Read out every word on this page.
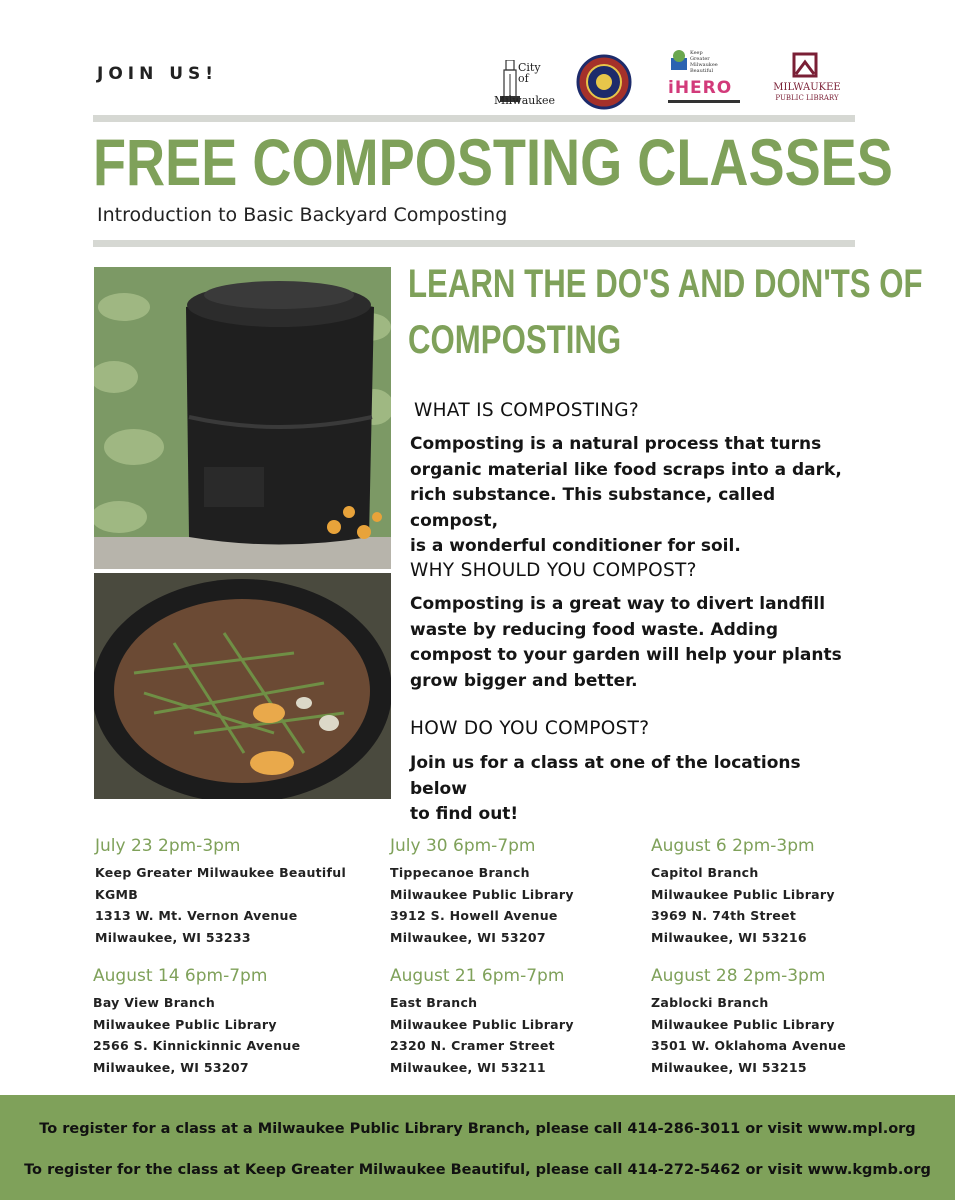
JOIN US!	City
of
Milwaukee
Keep
Greater
Milwaukee
Beautiful
iHERO	MILWAUKEE
PUBLIC LIBRARY
FREE COMPOSTING CLASSES
Introduction to Basic Backyard Composting
LEARN THE DO'S AND DON'TS OF
COMPOSTING
WHAT IS COMPOSTING?
Composting is a natural process that turns
organic material like food scraps into a dark,
rich substance. This substance, called compost,
is a wonderful conditioner for soil.
WHY SHOULD YOU COMPOST?
Composting is a great way to divert landfill
waste by reducing food waste. Adding
compost to your garden will help your plants
grow bigger and better.
HOW DO YOU COMPOST?
Join us for a class at one of the locations below
to find out!
July 23 2pm-3pm
Keep Greater Milwaukee Beautiful
KGMB
1313 W. Mt. Vernon Avenue
Milwaukee, WI 53233
July 30 6pm-7pm
Tippecanoe Branch
Milwaukee Public Library
3912 S. Howell Avenue
Milwaukee, WI 53207
August 6 2pm-3pm
Capitol Branch
Milwaukee Public Library
3969 N. 74th Street
Milwaukee, WI 53216
August 14 6pm-7pm
Bay View Branch
Milwaukee Public Library
2566 S. Kinnickinnic Avenue
Milwaukee, WI 53207
August 21 6pm-7pm
East Branch
Milwaukee Public Library
2320 N. Cramer Street
Milwaukee, WI 53211
August 28 2pm-3pm
Zablocki Branch
Milwaukee Public Library
3501 W. Oklahoma Avenue
Milwaukee, WI 53215
To register for a class at a Milwaukee Public Library Branch, please call 414-286-3011 or visit www.mpl.org
To register for the class at Keep Greater Milwaukee Beautiful, please call 414-272-5462 or visit www.kgmb.org
